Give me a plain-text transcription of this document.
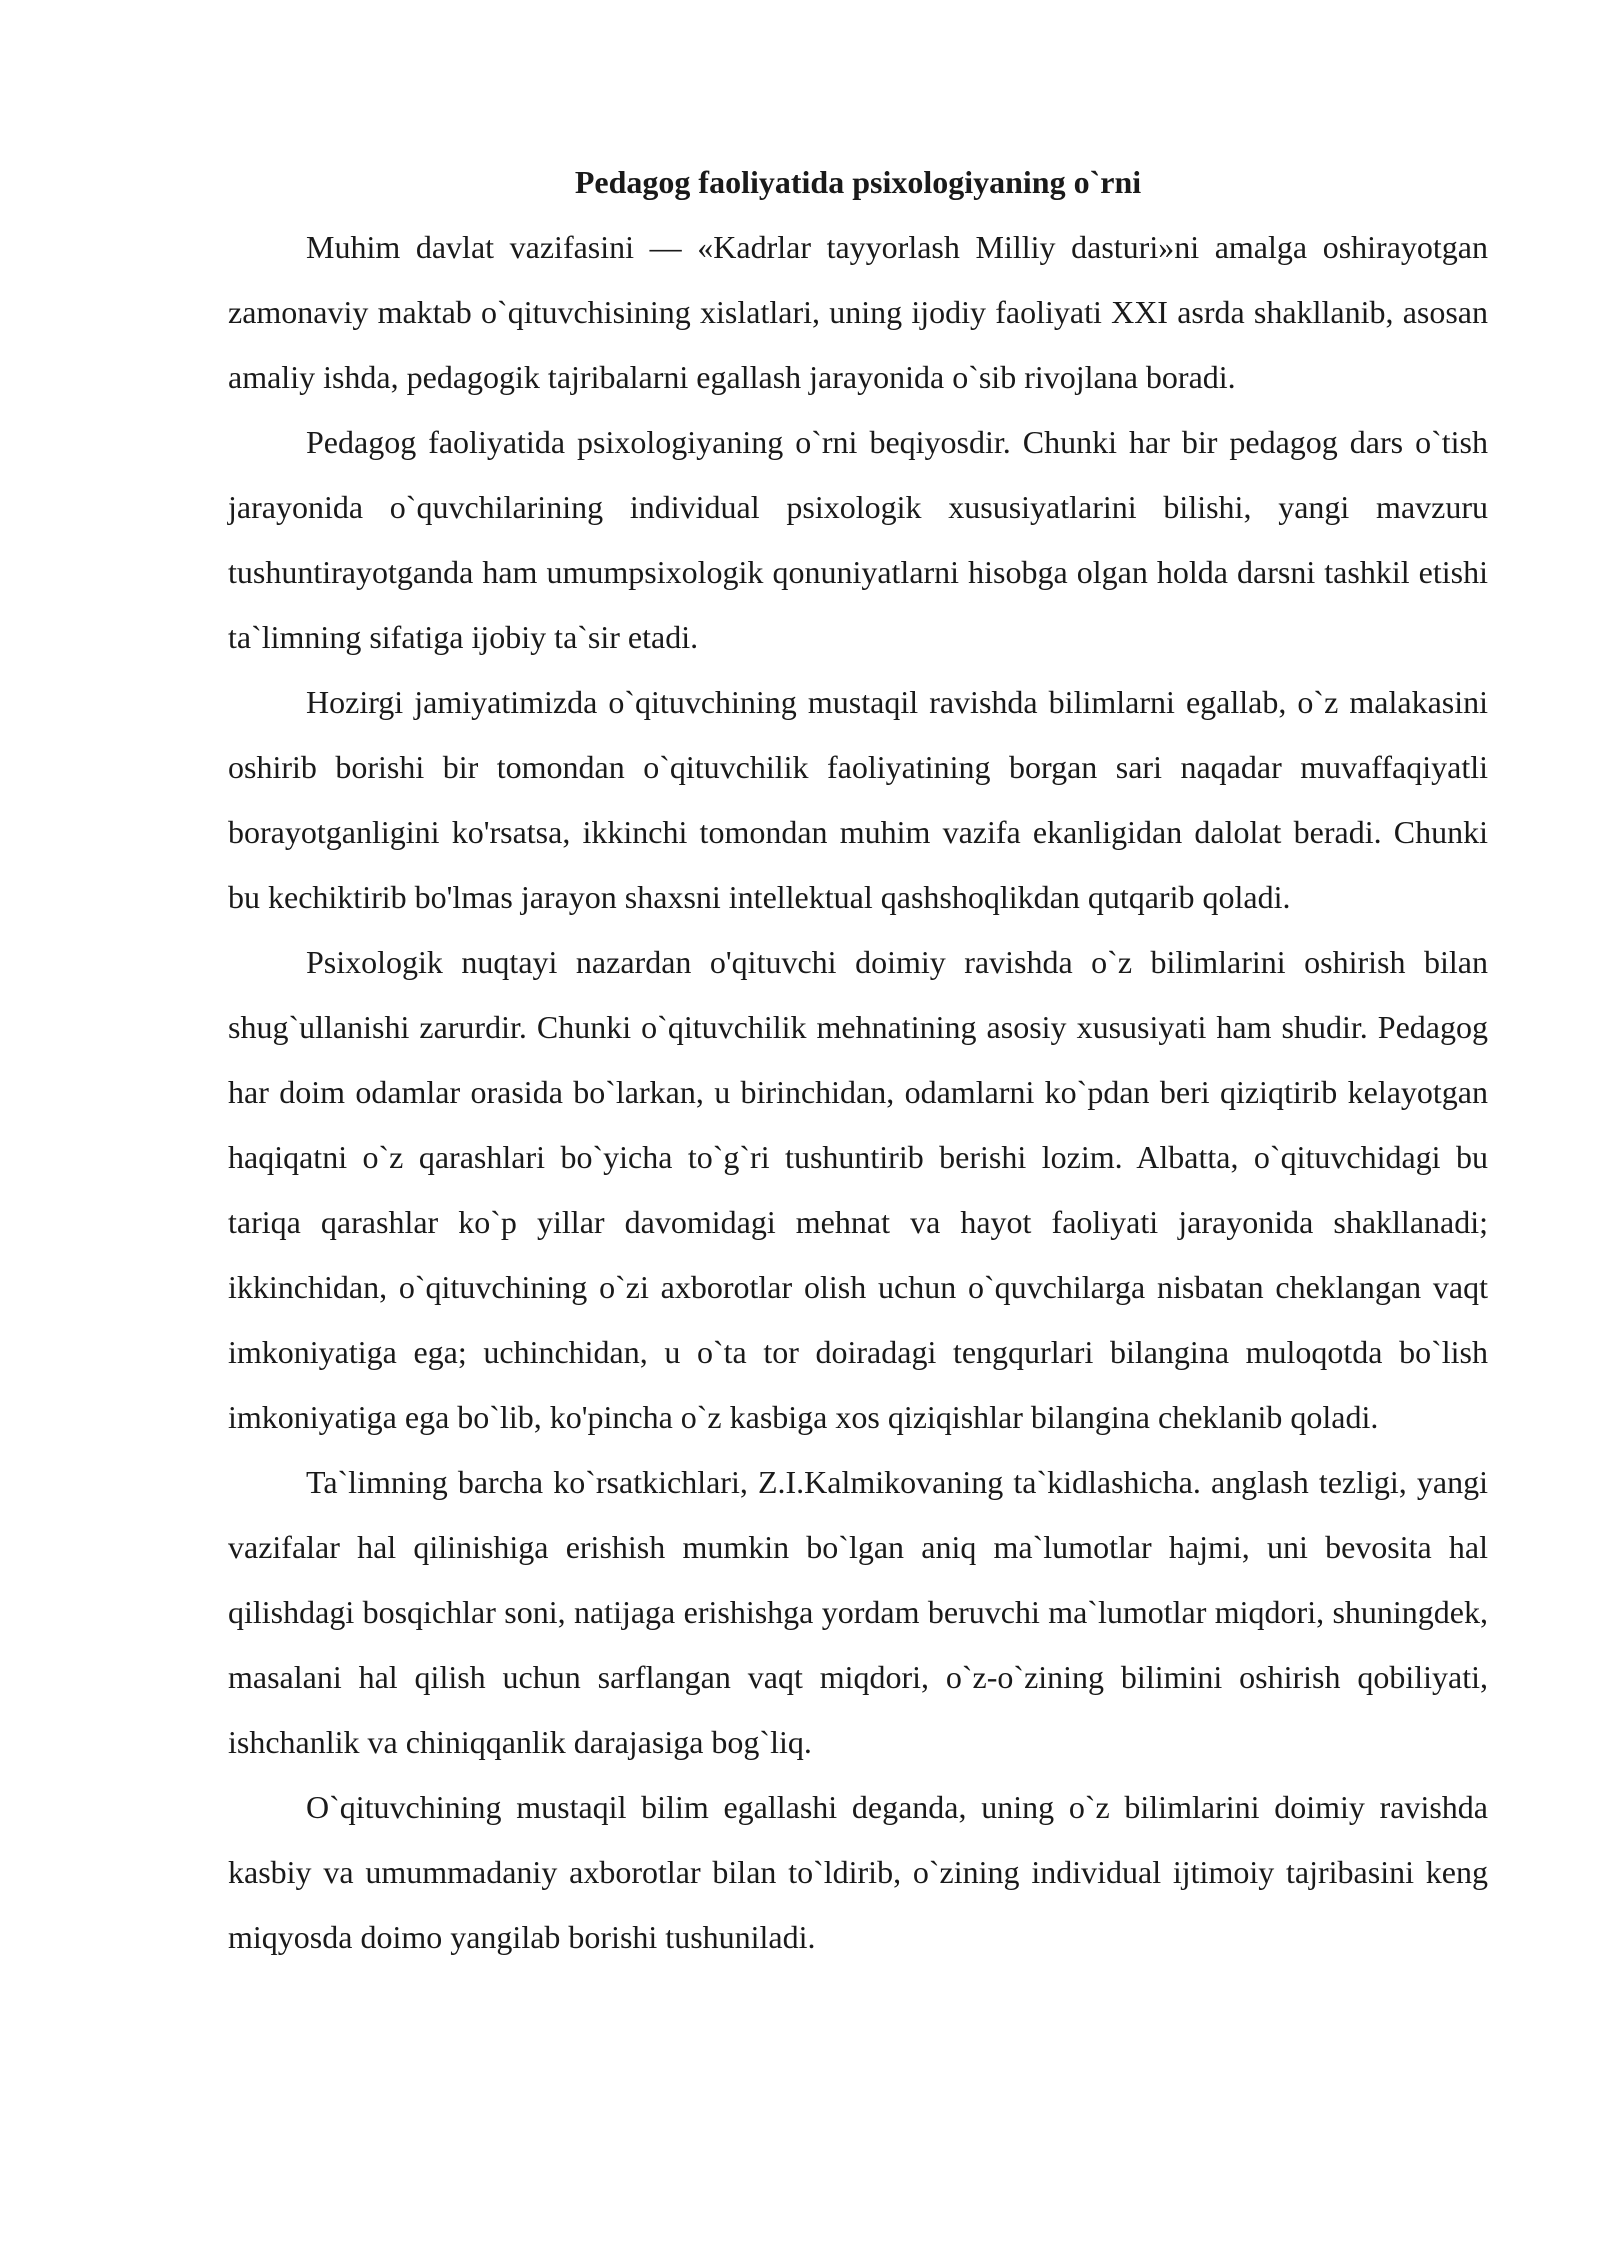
Pedagog faoliyatida psixologiyaning o`rni

Muhim davlat vazifasini — «Kadrlar tayyorlash Milliy dasturi»ni amalga oshirayotgan zamonaviy maktab o`qituvchisining xislatlari, uning ijodiy faoliyati XXI asrda shakllanib, asosan amaliy ishda, pedagogik tajribalarni egallash jarayonida o`sib rivojlana boradi.

Pedagog faoliyatida psixologiyaning o`rni beqiyosdir. Chunki har bir pedagog dars o`tish jarayonida o`quvchilarining individual psixologik xususiyatlarini bilishi, yangi mavzuru tushuntirayotganda ham umumpsixologik qonuniyatlarni hisobga olgan holda darsni tashkil etishi ta`limning sifatiga ijobiy ta`sir etadi.

Hozirgi jamiyatimizda o`qituvchining mustaqil ravishda bilimlarni egallab, o`z malakasini oshirib borishi bir tomondan o`qituvchilik faoliyatining borgan sari naqadar muvaffaqiyatli borayotganligini ko'rsatsa, ikkinchi tomondan muhim vazifa ekanligidan dalolat beradi. Chunki bu kechiktirib bo'lmas jarayon shaxsni intellektual qashshoqlikdan qutqarib qoladi.

Psixologik nuqtayi nazardan o'qituvchi doimiy ravishda o`z bilimlarini oshirish bilan shug`ullanishi zarurdir. Chunki o`qituvchilik mehnatining asosiy xususiyati ham shudir. Pedagog har doim odamlar orasida bo`larkan, u birinchidan, odamlarni ko`pdan beri qiziqtirib kelayotgan haqiqatni o`z qarashlari bo`yicha to`g`ri tushuntirib berishi lozim. Albatta, o`qituvchidagi bu tariqa qarashlar ko`p yillar davomidagi mehnat va hayot faoliyati jarayonida shakllanadi; ikkinchidan, o`qituvchining o`zi axborotlar olish uchun o`quvchilarga nisbatan cheklangan vaqt imkoniyatiga ega; uchinchidan, u o`ta tor doiradagi tengqurlari bilangina muloqotda bo`lish imkoniyatiga ega bo`lib, ko'pincha o`z kasbiga xos qiziqishlar bilangina cheklanib qoladi.

Ta`limning barcha ko`rsatkichlari, Z.I.Kalmikovaning ta`kidlashicha. anglash tezligi, yangi vazifalar hal qilinishiga erishish mumkin bo`lgan aniq ma`lumotlar hajmi, uni bevosita hal qilishdagi bosqichlar soni, natijaga erishishga yordam beruvchi ma`lumotlar miqdori, shuningdek, masalani hal qilish uchun sarflangan vaqt miqdori, o`z-o`zining bilimini oshirish qobiliyati, ishchanlik va chiniqqanlik darajasiga bog`liq.

O`qituvchining mustaqil bilim egallashi deganda, uning o`z bilimlarini doimiy ravishda kasbiy va umummadaniy axborotlar bilan to`ldirib, o`zining individual ijtimoiy tajribasini keng miqyosda doimo yangilab borishi tushuniladi.
